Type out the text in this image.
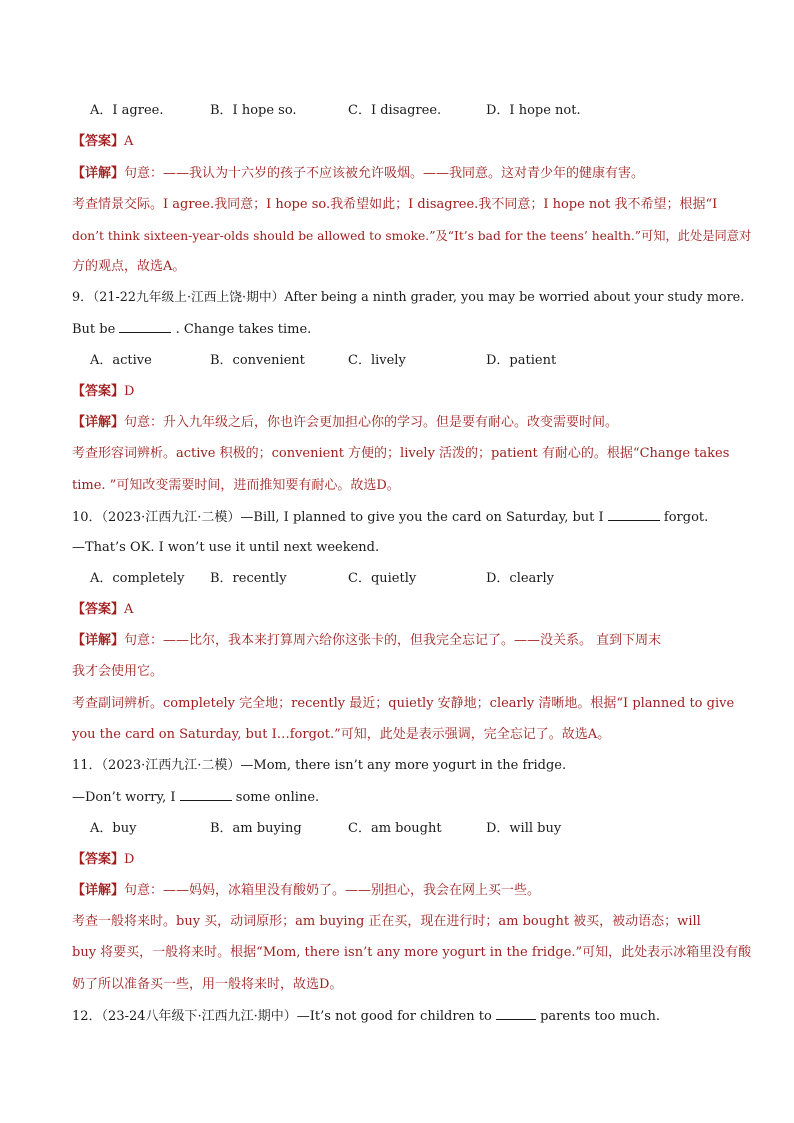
A．I agree.	B．I hope so.	C．I disagree.	D．I hope not.
【答案】A
【详解】句意：——我认为十六岁的孩子不应该被允许吸烟。——我同意。这对青少年的健康有害。
考查情景交际。I agree.我同意；I hope so.我希望如此；I disagree.我不同意；I hope not 我不希望；根据“I
don’t think sixteen-year-olds should be allowed to smoke.”及“It’s bad for the teens’ health.”可知，此处是同意对
方的观点，故选A。
9．（21-22九年级上·江西上饶·期中）After being a ninth grader, you may be worried about your study more.
But be	. Change takes time.
A．active	B．convenient	C．lively	D．patient
【答案】D
【详解】句意：升入九年级之后，你也许会更加担心你的学习。但是要有耐心。改变需要时间。
考查形容词辨析。active 积极的；convenient 方便的；lively 活泼的；patient 有耐心的。根据“Change takes
time. ”可知改变需要时间，进而推知要有耐心。故选D。
10．（2023·江西九江·二模）—Bill, I planned to give you the card on Saturday, but I	forgot.
—That’s OK. I won’t use it until next weekend.
A．completely B．recently	C．quietly	D．clearly
【答案】A
【详解】句意：——比尔，我本来打算周六给你这张卡的，但我完全忘记了。——没关系。 直到下周末
我才会使用它。
考查副词辨析。completely 完全地；recently 最近；quietly 安静地；clearly 清晰地。根据“I planned to give
you the card on Saturday, but I…forgot.”可知，此处是表示强调，完全忘记了。故选A。
11．（2023·江西九江·二模）—Mom, there isn’t any more yogurt in the fridge.
—Don’t worry, I	some online.
A．buy	B．am buying	C．am bought	D．will buy
【答案】D
【详解】句意：——妈妈，冰箱里没有酸奶了。——别担心，我会在网上买一些。
考查一般将来时。buy 买，动词原形；am buying 正在买，现在进行时；am bought 被买，被动语态；will
buy 将要买，一般将来时。根据“Mom, there isn’t any more yogurt in the fridge.”可知，此处表示冰箱里没有酸
奶了所以准备买一些，用一般将来时，故选D。
12．（23-24八年级下·江西九江·期中）—It’s not good for children to	parents too much.
